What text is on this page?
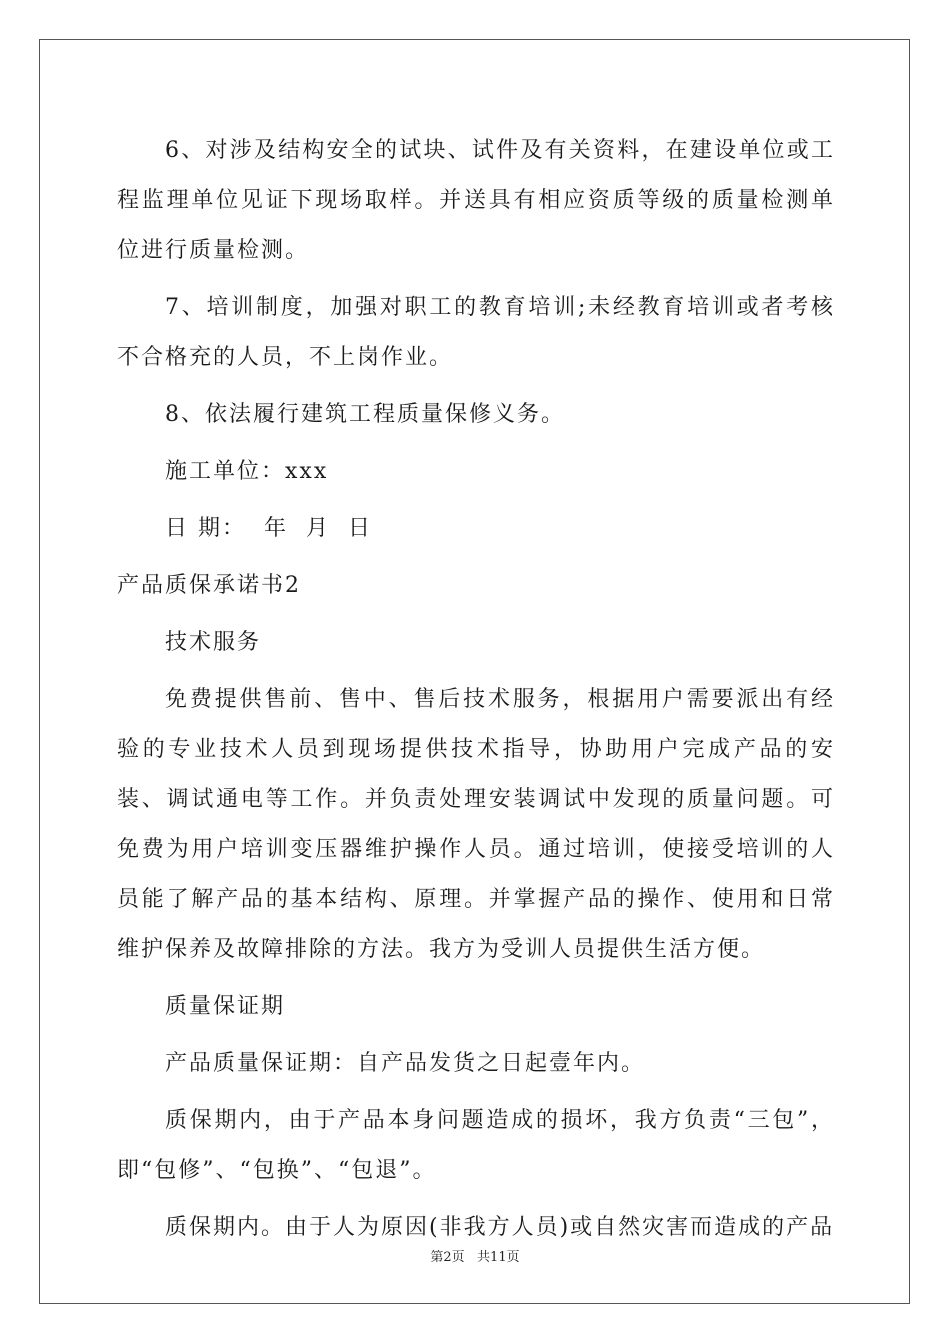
6、对涉及结构安全的试块、试件及有关资料，在建设单位或工程监理单位见证下现场取样。并送具有相应资质等级的质量检测单位进行质量检测。

7、培训制度，加强对职工的教育培训;未经教育培训或者考核不合格充的人员，不上岗作业。

8、依法履行建筑工程质量保修义务。

施工单位：xxx

日 期：  年  月  日

产品质保承诺书2

技术服务

免费提供售前、售中、售后技术服务，根据用户需要派出有经验的专业技术人员到现场提供技术指导，协助用户完成产品的安装、调试通电等工作。并负责处理安装调试中发现的质量问题。可免费为用户培训变压器维护操作人员。通过培训，使接受培训的人员能了解产品的基本结构、原理。并掌握产品的操作、使用和日常维护保养及故障排除的方法。我方为受训人员提供生活方便。

质量保证期

产品质量保证期：自产品发货之日起壹年内。

质保期内，由于产品本身问题造成的损坏，我方负责“三包”，即“包修”、“包换”、“包退”。

质保期内。由于人为原因(非我方人员)或自然灾害而造成的产品

第2页   共11页
